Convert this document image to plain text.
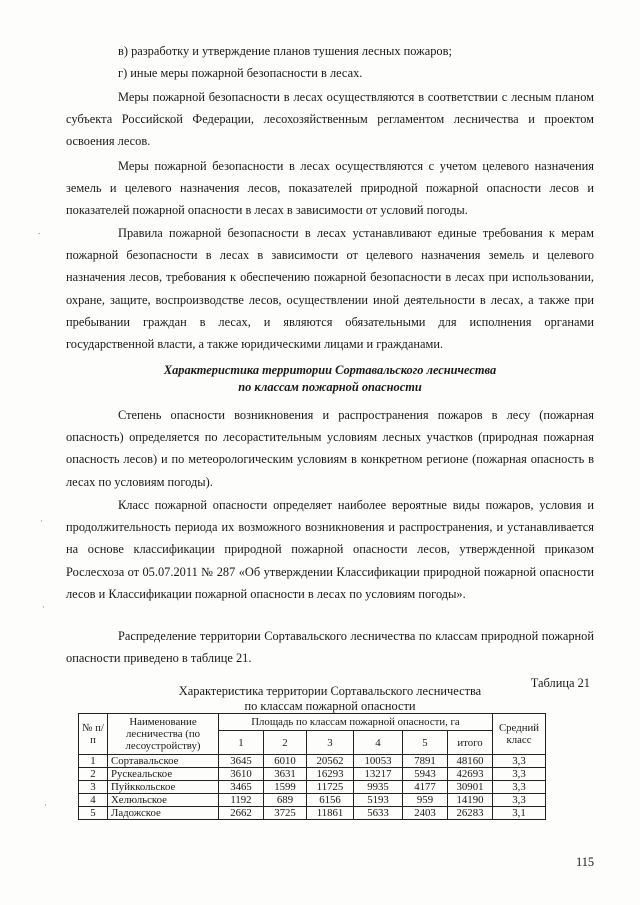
в) разработку и утверждение планов тушения лесных пожаров;
г) иные меры пожарной безопасности в лесах.

Меры пожарной безопасности в лесах осуществляются в соответствии с лесным планом субъекта Российской Федерации, лесохозяйственным регламентом лесничества и проектом освоения лесов.

Меры пожарной безопасности в лесах осуществляются с учетом целевого назначения земель и целевого назначения лесов, показателей природной пожарной опасности лесов и показателей пожарной опасности в лесах в зависимости от условий погоды.

Правила пожарной безопасности в лесах устанавливают единые требования к мерам пожарной безопасности в лесах в зависимости от целевого назначения земель и целевого назначения лесов, требования к обеспечению пожарной безопасности в лесах при использовании, охране, защите, воспроизводстве лесов, осуществлении иной деятельности в лесах, а также при пребывании граждан в лесах, и являются обязательными для исполнения органами государственной власти, а также юридическими лицами и гражданами.

Характеристика территории Сортавальского лесничества
по классам пожарной опасности

Степень опасности возникновения и распространения пожаров в лесу (пожарная опасность) определяется по лесорастительным условиям лесных участков (природная пожарная опасность лесов) и по метеорологическим условиям в конкретном регионе (пожарная опасность в лесах по условиям погоды).

Класс пожарной опасности определяет наиболее вероятные виды пожаров, условия и продолжительность периода их возможного возникновения и распространения, и устанавливается на основе классификации природной пожарной опасности лесов, утвержденной приказом Рослесхоза от 05.07.2011 № 287 «Об утверждении Классификации природной пожарной опасности лесов и Классификации пожарной опасности в лесах по условиям погоды».

Распределение территории Сортавальского лесничества по классам природной пожарной опасности приведено в таблице 21.

Таблица 21
Характеристика территории Сортавальского лесничества
по классам пожарной опасности
№ п/п	Наименование лесничества (по лесоустройству)	Площадь по классам пожарной опасности, га						Средний класс
		1	2	3	4	5	итого	
1	Сортавальское	3645	6010	20562	10053	7891	48160	3,3
2	Рускеальское	3610	3631	16293	13217	5943	42693	3,3
3	Пуйккольское	3465	1599	11725	9935	4177	30901	3,3
4	Хелюльское	1192	689	6156	5193	959	14190	3,3
5	Ладожское	2662	3725	11861	5633	2403	26283	3,1
115
.
·
·
·
